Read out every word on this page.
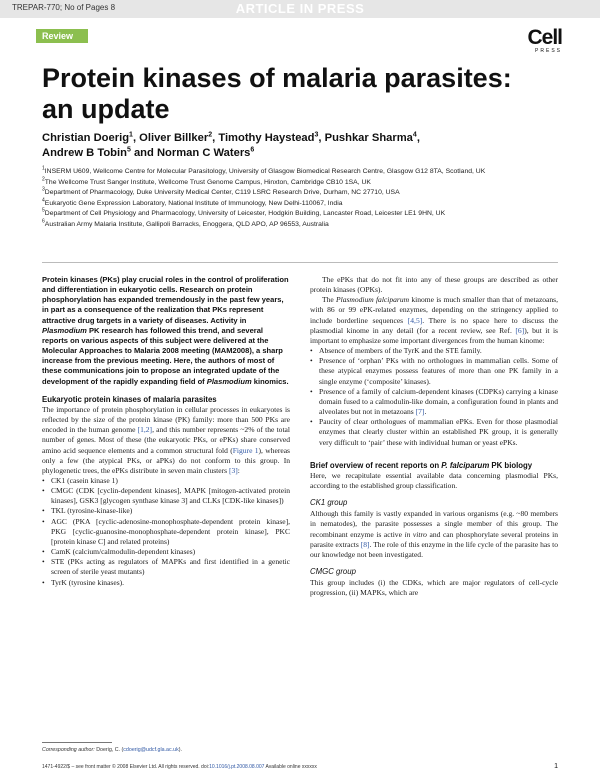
TREPAR-770; No of Pages 8	ARTICLE IN PRESS
Review	Cell
PRESS
Protein kinases of malaria parasites:
an update
Christian Doerig$^1$, Oliver Billker$^2$, Timothy Haystead$^3$, Pushkar Sharma$^4$,
Andrew B Tobin$^5$ and Norman C Waters$^6$

$^1$INSERM U609, Wellcome Centre for Molecular Parasitology, University of Glasgow Biomedical Research Centre, Glasgow G12 8TA, Scotland, UK

$^2$The Wellcome Trust Sanger Institute, Wellcome Trust Genome Campus, Hinxton, Cambridge CB10 1SA, UK

$^3$Department of Pharmacology, Duke University Medical Center, C119 LSRC Research Drive, Durham, NC 27710, USA

$^4$Eukaryotic Gene Expression Laboratory, National Institute of Immunology, New Delhi-110067, India

$^5$Department of Cell Physiology and Pharmacology, University of Leicester, Hodgkin Building, Lancaster Road, Leicester LE1 9HN, UK

$^6$Australian Army Malaria Institute, Gallipoli Barracks, Enoggera, QLD APO, AP 96553, Australia

Protein kinases (PKs) play crucial roles in the control of proliferation and differentiation in eukaryotic cells. Research on protein phosphorylation has expanded tremendously in the past few years, in part as a consequence of the realization that PKs represent attractive drug targets in a variety of diseases. Activity in Plasmodium PK research has followed this trend, and several reports on various aspects of this subject were delivered at the Molecular Approaches to Malaria 2008 meeting (MAM2008), a sharp increase from the previous meeting. Here, the authors of most of these communications join to propose an integrated update of the development of the rapidly expanding field of Plasmodium kinomics.

Eukaryotic protein kinases of malaria parasites

The importance of protein phosphorylation in cellular processes in eukaryotes is reflected by the size of the protein kinase (PK) family: more than 500 PKs are encoded in the human genome [1,2], and this number represents ~2% of the total number of genes. Most of these (the eukaryotic PKs, or ePKs) share conserved amino acid sequence elements and a common structural fold (Figure 1), whereas only a few (the atypical PKs, or aPKs) do not conform to this group. In phylogenetic trees, the ePKs distribute in seven main clusters [3]:

• CK1 (casein kinase 1)
• CMGC (CDK [cyclin-dependent kinases], MAPK [mitogen-activated protein kinases], GSK3 [glycogen synthase kinase 3] and CLKs [CDK-like kinases])
• TKL (tyrosine-kinase-like)
• AGC (PKA [cyclic-adenosine-monophosphate-dependent protein kinase], PKG [cyclic-guanosine-monophosphate-dependent protein kinase], PKC [protein kinase C] and related proteins)
• CamK (calcium/calmodulin-dependent kinases)
• STE (PKs acting as regulators of MAPKs and first identified in a genetic screen of sterile yeast mutants)
• TyrK (tyrosine kinases).

The ePKs that do not fit into any of these groups are described as other protein kinases (OPKs).

The Plasmodium falciparum kinome is much smaller than that of metazoans, with 86 or 99 ePK-related enzymes, depending on the stringency applied to include borderline sequences [4,5]. There is no space here to discuss the plasmodial kinome in any detail (for a recent review, see Ref. [6]), but it is important to emphasize some important divergences from the human kinome:

• Absence of members of the TyrK and the STE family.
• Presence of ‘orphan’ PKs with no orthologues in mammalian cells. Some of these atypical enzymes possess features of more than one PK family in a single enzyme (‘composite’ kinases).
• Presence of a family of calcium-dependent kinases (CDPKs) carrying a kinase domain fused to a calmodulin-like domain, a configuration found in plants and alveolates but not in metazoans [7].
• Paucity of clear orthologues of mammalian ePKs. Even for those plasmodial enzymes that clearly cluster within an established PK group, it is generally very difficult to ‘pair’ these with individual human or yeast ePKs.

Brief overview of recent reports on P. falciparum PK biology

Here, we recapitulate essential available data concerning plasmodial PKs, according to the established group classification.

CK1 group

Although this family is vastly expanded in various organisms (e.g. ~80 members in nematodes), the parasite possesses a single member of this group. The recombinant enzyme is active in vitro and can phosphorylate several proteins in parasite extracts [8]. The role of this enzyme in the life cycle of the parasite has to our knowledge not been investigated.

CMGC group

This group includes (i) the CDKs, which are major regulators of cell-cycle progression, (ii) MAPKs, which are

Corresponding author: Doerig, C. (cdoerig@udcf.gla.ac.uk).
1471-4922/$ – see front matter © 2008 Elsevier Ltd. All rights reserved. doi:10.1016/j.pt.2008.08.007 Available online xxxxxx	1
